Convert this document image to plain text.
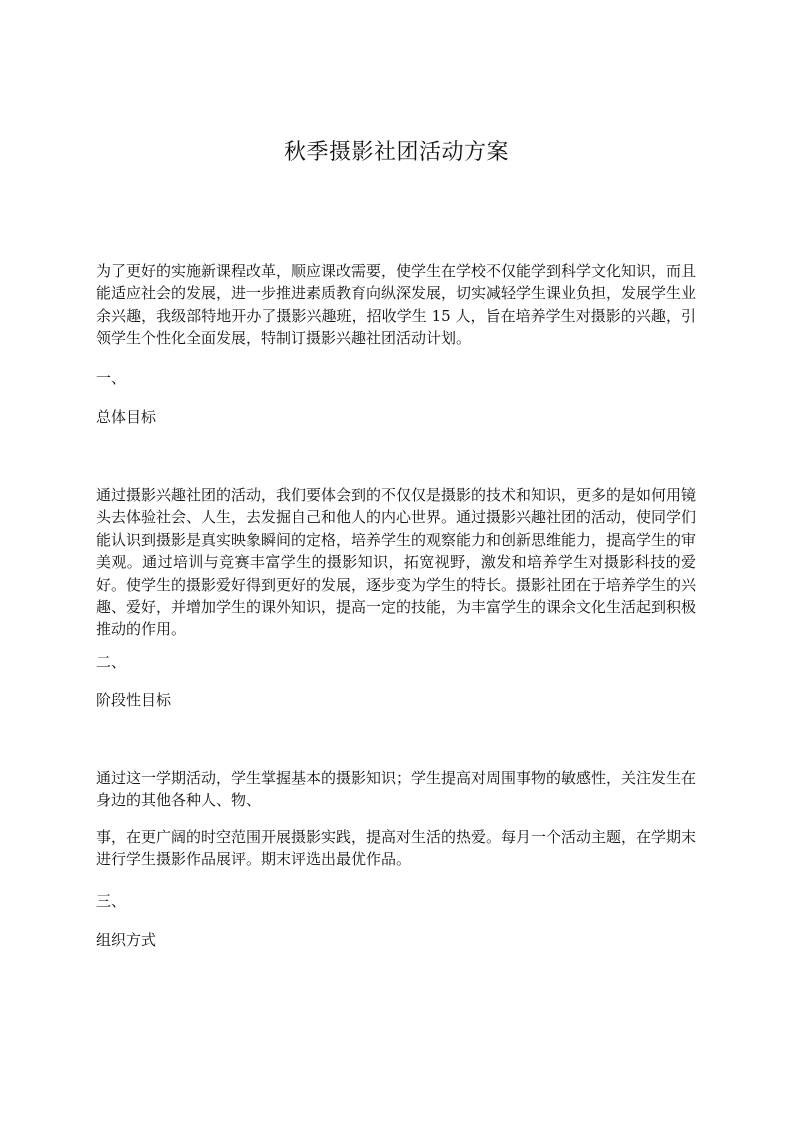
秋季摄影社团活动方案
为了更好的实施新课程改革，顺应课改需要，使学生在学校不仅能学到科学文化知识，而且能适应社会的发展，进一步推进素质教育向纵深发展，切实减轻学生课业负担，发展学生业余兴趣，我级部特地开办了摄影兴趣班，招收学生 15 人，旨在培养学生对摄影的兴趣，引领学生个性化全面发展，特制订摄影兴趣社团活动计划。
一、
总体目标
通过摄影兴趣社团的活动，我们要体会到的不仅仅是摄影的技术和知识，更多的是如何用镜头去体验社会、人生，去发掘自己和他人的内心世界。通过摄影兴趣社团的活动，使同学们能认识到摄影是真实映象瞬间的定格，培养学生的观察能力和创新思维能力，提高学生的审美观。通过培训与竞赛丰富学生的摄影知识，拓宽视野，激发和培养学生对摄影科技的爱好。使学生的摄影爱好得到更好的发展，逐步变为学生的特长。摄影社团在于培养学生的兴趣、爱好，并增加学生的课外知识，提高一定的技能，为丰富学生的课余文化生活起到积极推动的作用。
二、
阶段性目标
通过这一学期活动，学生掌握基本的摄影知识；学生提高对周围事物的敏感性，关注发生在身边的其他各种人、物、
事，在更广阔的时空范围开展摄影实践，提高对生活的热爱。每月一个活动主题，在学期末进行学生摄影作品展评。期末评选出最优作品。
三、
组织方式
